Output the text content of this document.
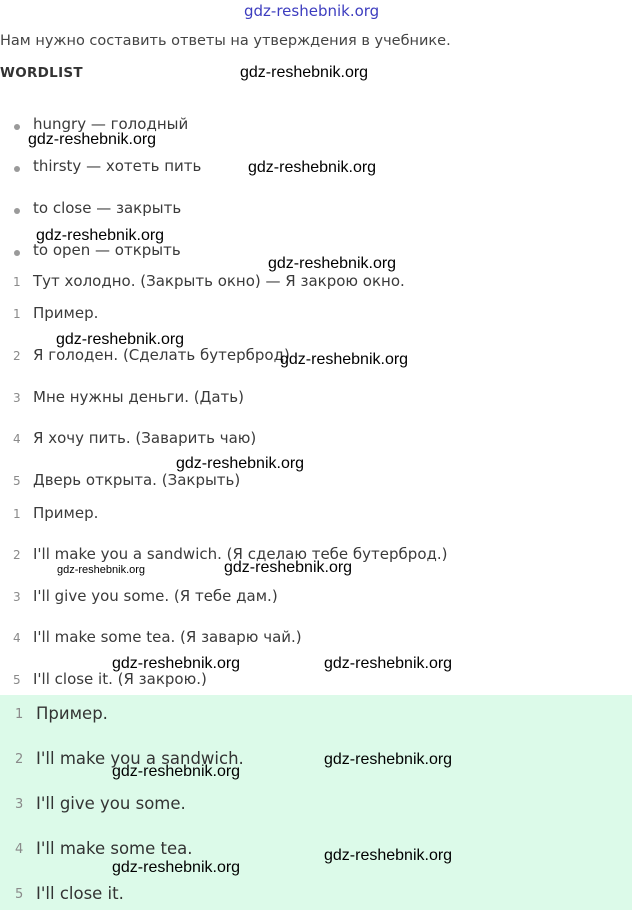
gdz-reshebnik.org
Нам нужно составить ответы на утверждения в учебнике.
WORDLIST
hungry — голодный
thirsty — хотеть пить
to close — закрыть
to open — открыть
1 Тут холодно. (Закрыть окно) — Я закрою окно.
1 Пример.
2 Я голоден. (Сделать бутерброд)
3 Мне нужны деньги. (Дать)
4 Я хочу пить. (Заварить чаю)
5 Дверь открыта. (Закрыть)
1 Пример.
2 I'll make you a sandwich. (Я сделаю тебе бутерброд.)
3 I'll give you some. (Я тебе дам.)
4 I'll make some tea. (Я заварю чай.)
5 I'll close it. (Я закрою.)
1 Пример.
2 I'll make you a sandwich.
3 I'll give you some.
4 I'll make some tea.
5 I'll close it.
gdz-reshebnik.org
gdz-reshebnik.org
gdz-reshebnik.org
gdz-reshebnik.org
gdz-reshebnik.org
gdz-reshebnik.org
gdz-reshebnik.org
gdz-reshebnik.org
gdz-reshebnik.org	gdz-reshebnik.org
gdz-reshebnik.org	gdz-reshebnik.org
gdz-reshebnik.org
gdz-reshebnik.org
gdz-reshebnik.org
gdz-reshebnik.org
